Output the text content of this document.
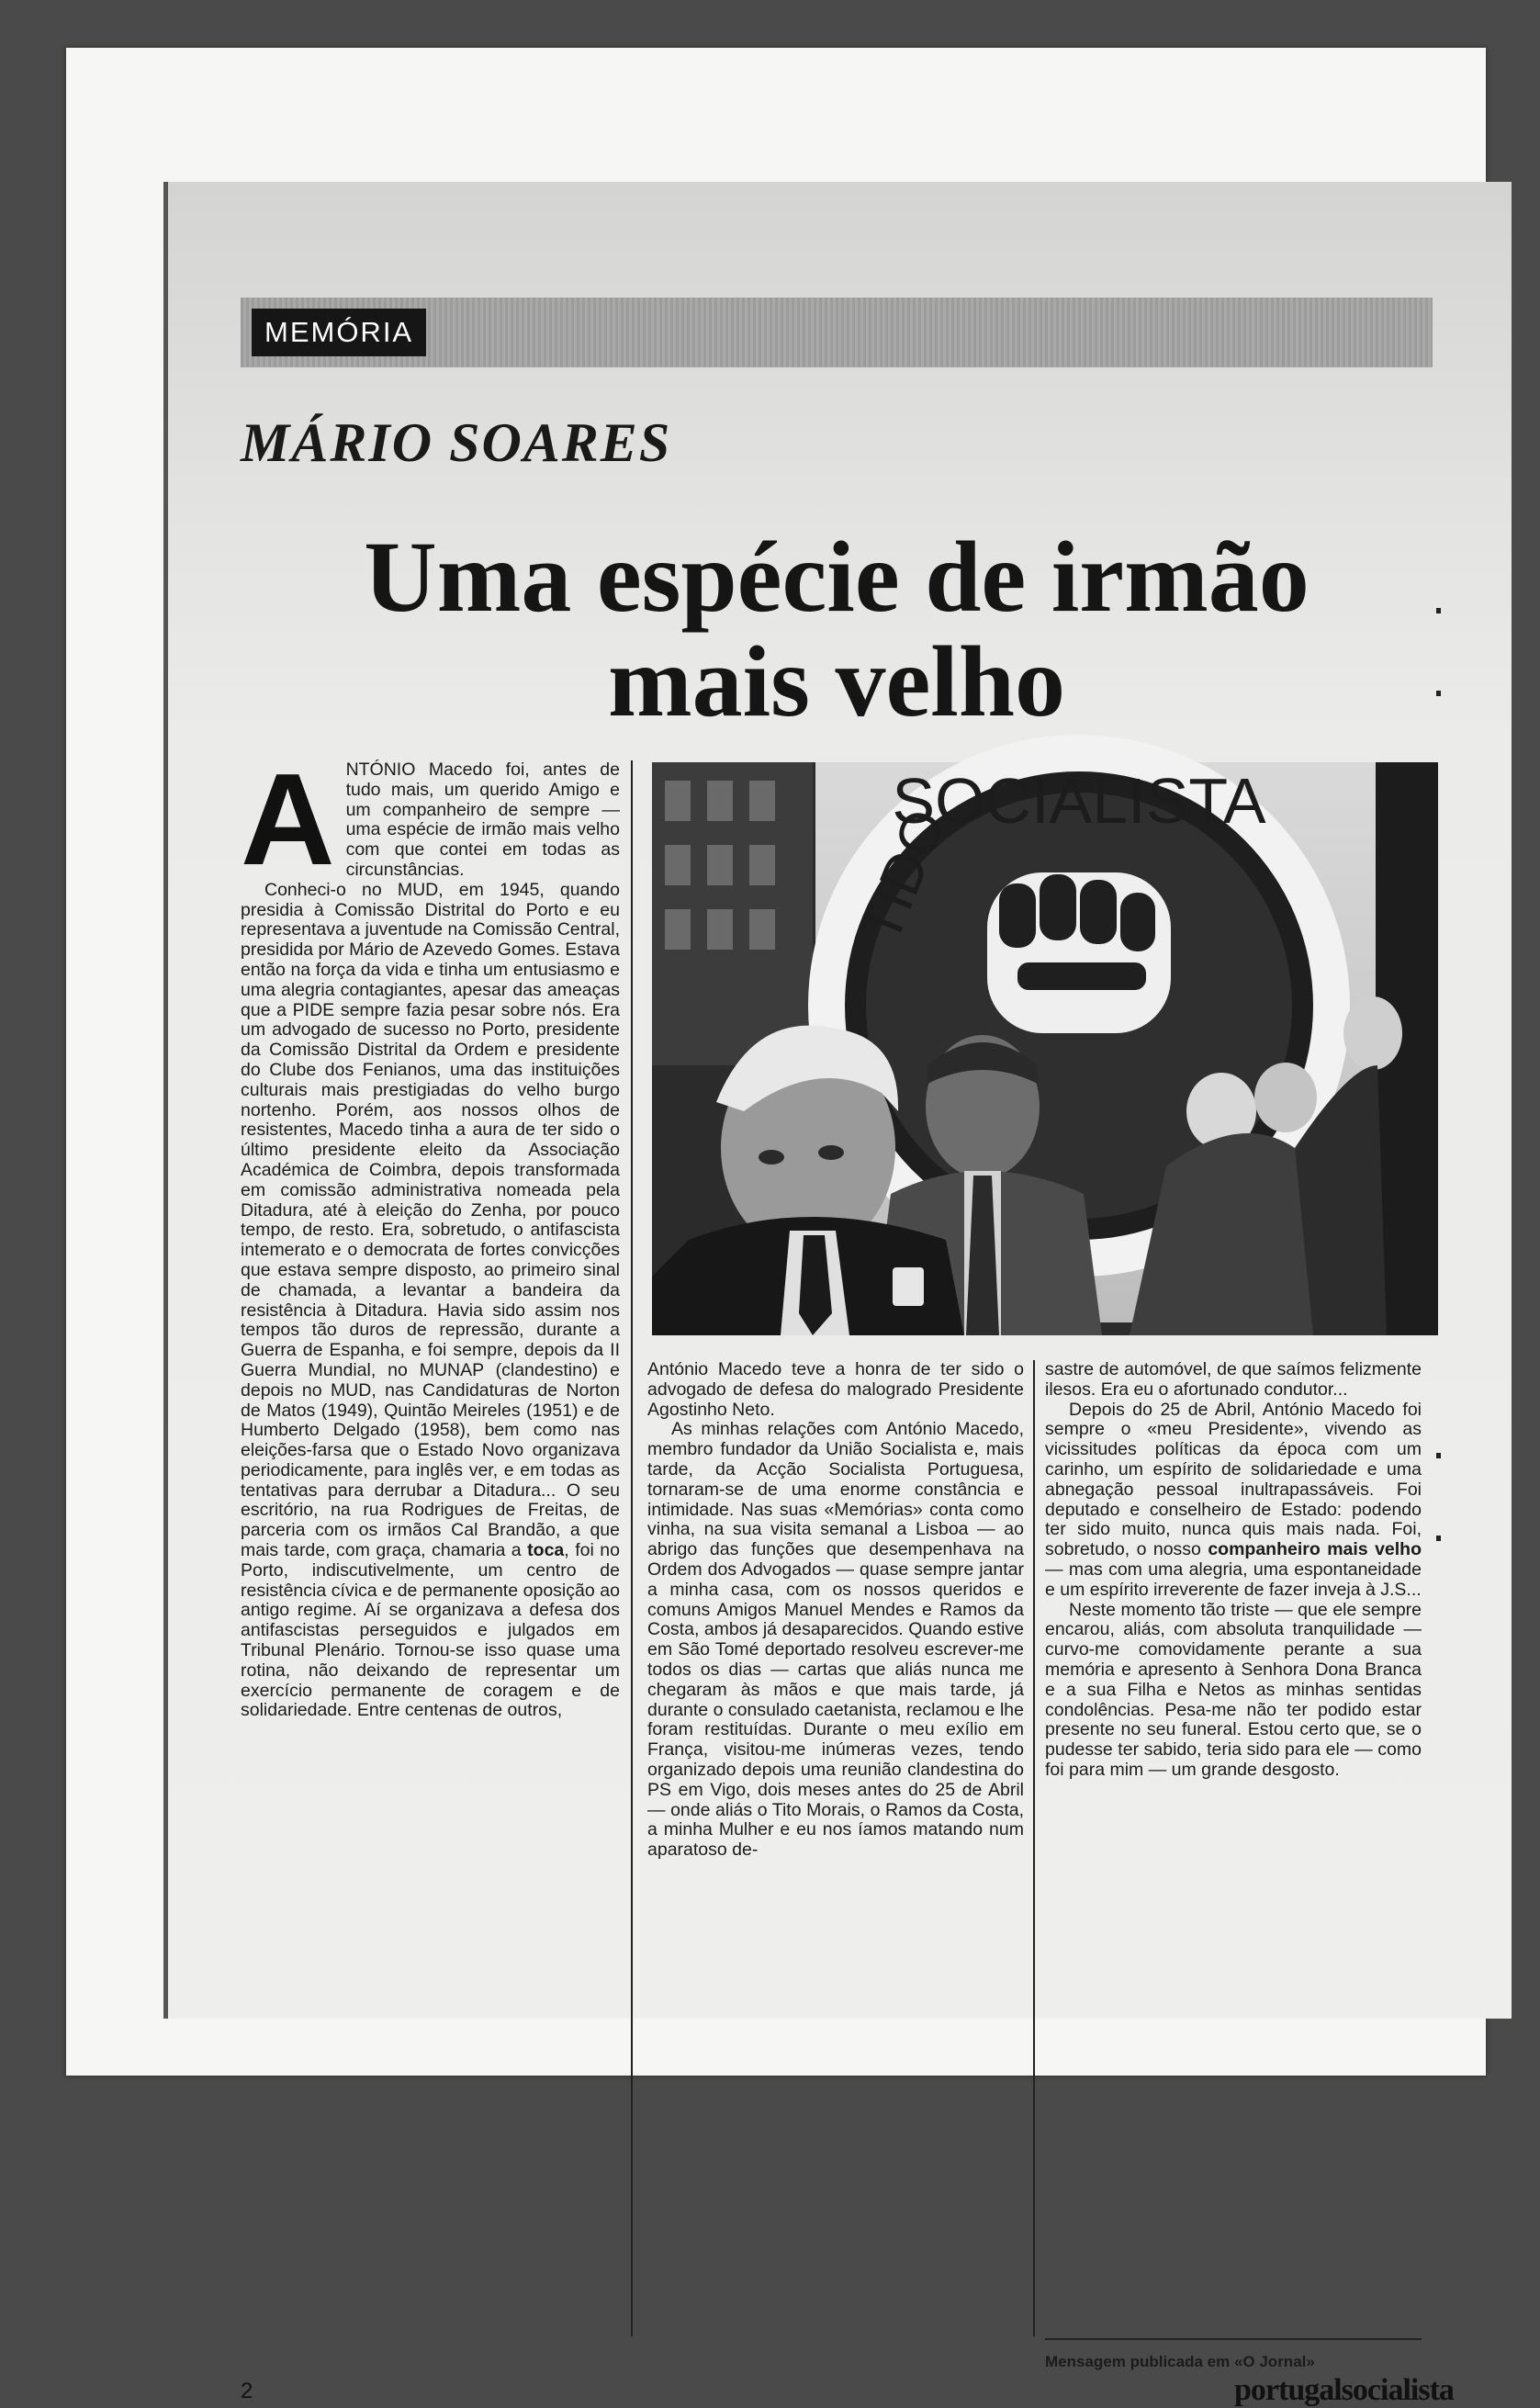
MEMÓRIA
MÁRIO SOARES
Uma espécie de irmão
mais velho
A NTÓNIO Macedo foi, antes de tudo mais, um querido Amigo e um companheiro de sempre — uma espécie de irmão mais velho com que contei em todas as circunstâncias.

Conheci-o no MUD, em 1945, quando presidia à Comissão Distrital do Porto e eu representava a juventude na Comissão Central, presidida por Mário de Azevedo Gomes. Estava então na força da vida e tinha um entusiasmo e uma alegria contagiantes, apesar das ameaças que a PIDE sempre fazia pesar sobre nós. Era um advogado de sucesso no Porto, presidente da Comissão Distrital da Ordem e presidente do Clube dos Fenianos, uma das instituições culturais mais prestigiadas do velho burgo nortenho. Porém, aos nossos olhos de resistentes, Macedo tinha a aura de ter sido o último presidente eleito da Associação Académica de Coimbra, depois transformada em comissão administrativa nomeada pela Ditadura, até à eleição do Zenha, por pouco tempo, de resto. Era, sobretudo, o antifascista intemerato e o democrata de fortes convicções que estava sempre disposto, ao primeiro sinal de chamada, a levantar a bandeira da resistência à Ditadura. Havia sido assim nos tempos tão duros de repressão, durante a Guerra de Espanha, e foi sempre, depois da II Guerra Mundial, no MUNAP (clandestino) e depois no MUD, nas Candidaturas de Norton de Matos (1949), Quintão Meireles (1951) e de Humberto Delgado (1958), bem como nas eleições-farsa que o Estado Novo organizava periodicamente, para inglês ver, e em todas as tentativas para derrubar a Ditadura... O seu escritório, na rua Rodrigues de Freitas, de parceria com os irmãos Cal Brandão, a que mais tarde, com graça, chamaria a toca, foi no Porto, indiscutivelmente, um centro de resistência cívica e de permanente oposição ao antigo regime. Aí se organizava a defesa dos antifascistas perseguidos e julgados em Tribunal Plenário. Tornou-se isso quase uma rotina, não deixando de representar um exercício permanente de coragem e de solidariedade. Entre centenas de outros,

SOCIALISTA
TIDO

António Macedo teve a honra de ter sido o advogado de defesa do malogrado Presidente Agostinho Neto.

As minhas relações com António Macedo, membro fundador da União Socialista e, mais tarde, da Acção Socialista Portuguesa, tornaram-se de uma enorme constância e intimidade. Nas suas «Memórias» conta como vinha, na sua visita semanal a Lisboa — ao abrigo das funções que desempenhava na Ordem dos Advogados — quase sempre jantar a minha casa, com os nossos queridos e comuns Amigos Manuel Mendes e Ramos da Costa, ambos já desaparecidos. Quando estive em São Tomé deportado resolveu escrever-me todos os dias — cartas que aliás nunca me chegaram às mãos e que mais tarde, já durante o consulado caetanista, reclamou e lhe foram restituídas. Durante o meu exílio em França, visitou-me inúmeras vezes, tendo organizado depois uma reunião clandestina do PS em Vigo, dois meses antes do 25 de Abril — onde aliás o Tito Morais, o Ramos da Costa, a minha Mulher e eu nos íamos matando num aparatoso de-

sastre de automóvel, de que saímos felizmente ilesos. Era eu o afortunado condutor...

Depois do 25 de Abril, António Macedo foi sempre o «meu Presidente», vivendo as vicissitudes políticas da época com um carinho, um espírito de solidariedade e uma abnegação pessoal inultrapassáveis. Foi deputado e conselheiro de Estado: podendo ter sido muito, nunca quis mais nada. Foi, sobretudo, o nosso companheiro mais velho — mas com uma alegria, uma espontaneidade e um espírito irreverente de fazer inveja à J.S...

Neste momento tão triste — que ele sempre encarou, aliás, com absoluta tranquilidade — curvo-me comovidamente perante a sua memória e apresento à Senhora Dona Branca e a sua Filha e Netos as minhas sentidas condolências. Pesa-me não ter podido estar presente no seu funeral. Estou certo que, se o pudesse ter sabido, teria sido para ele — como foi para mim — um grande desgosto.

Mensagem publicada em «O Jornal»
2	portugalsocialista
